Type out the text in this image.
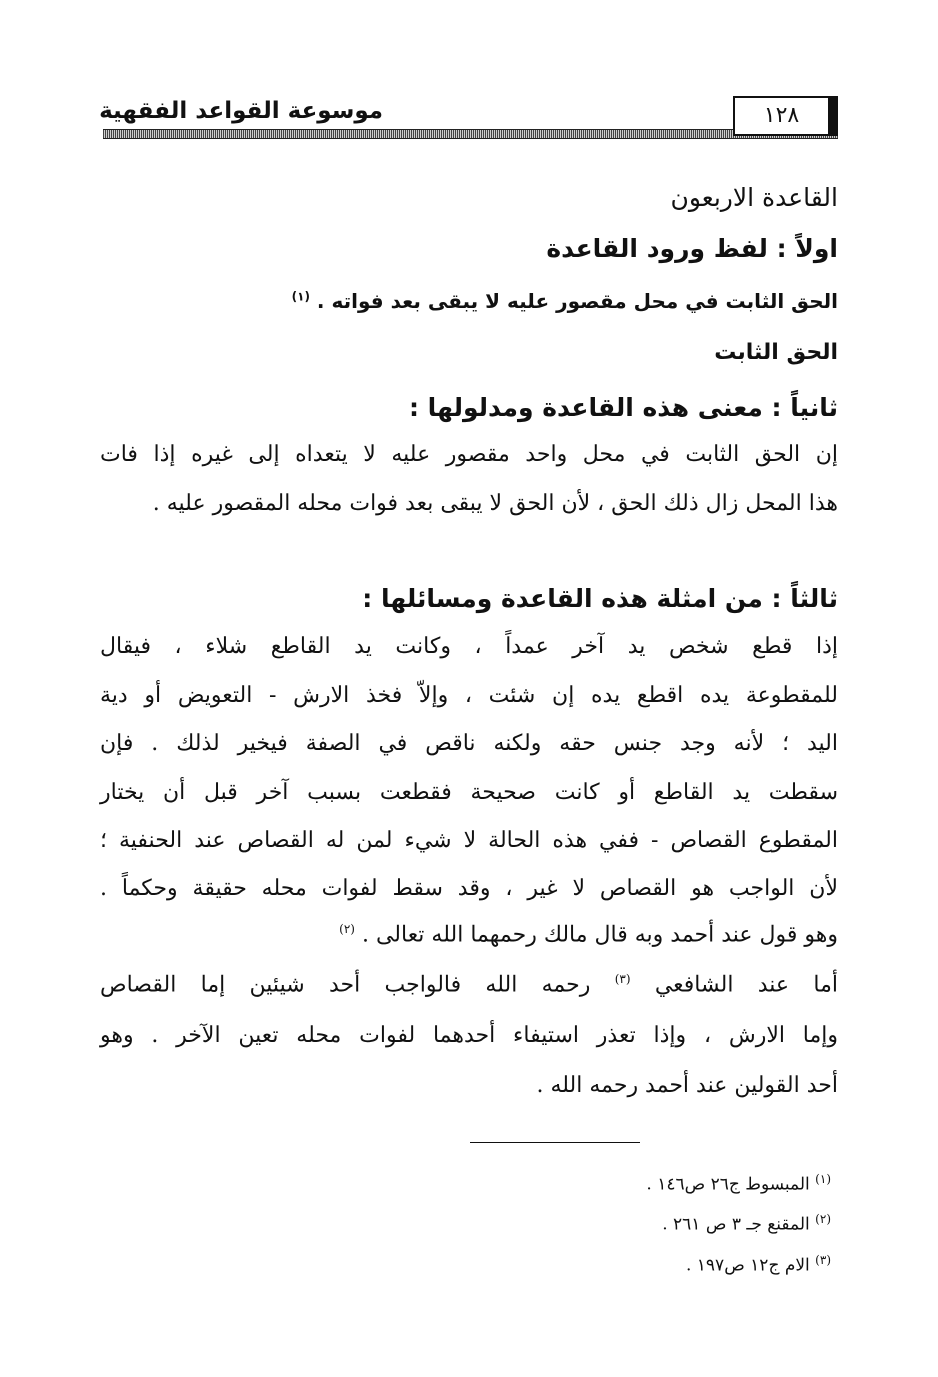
١٢٨
موسوعة القواعد الفقهية
القاعدة الاربعون
اولاً : لفظ ورود القاعدة
الحق الثابت في محل مقصور عليه لا يبقى بعد فواته . $^{(١)}$
الحق الثابت
ثانياً : معنى هذه القاعدة ومدلولها :
إن الحق الثابت في محل واحد مقصور عليه لا يتعداه إلى غيره إذا فات
هذا المحل زال ذلك الحق ، لأن الحق لا يبقى بعد فوات محله المقصور عليه .
ثالثاً : من امثلة هذه القاعدة ومسائلها :
إذا قطع شخص يد آخر عمداً ، وكانت يد القاطع شلاء ، فيقال
للمقطوعة يده اقطع يده إن شئت ، وإلاّ فخذ الارش - التعويض أو دية
اليد ؛ لأنه وجد جنس حقه ولكنه ناقص في الصفة فيخير لذلك . فإن
سقطت يد القاطع أو كانت صحيحة فقطعت بسبب آخر قبل أن يختار
المقطوع القصاص - ففي هذه الحالة لا شيء لمن له القصاص عند الحنفية ؛
لأن الواجب هو القصاص لا غير ، وقد سقط لفوات محله حقيقة وحكماً .
وهو قول عند أحمد وبه قال مالك رحمهما الله تعالى . $^{(٢)}$
أما عند الشافعي $^{(٣)}$ رحمه الله فالواجب أحد شيئين إما القصاص
وإما الارش ، وإذا تعذر استيفاء أحدهما لفوات محله تعين الآخر . وهو
أحد القولين عند أحمد رحمه الله .
$^{(١)}$ المبسوط ج٢٦ ص١٤٦ .
$^{(٢)}$ المقنع جـ ٣ ص ٢٦١ .
$^{(٣)}$ الام ج١٢ ص١٩٧ .
